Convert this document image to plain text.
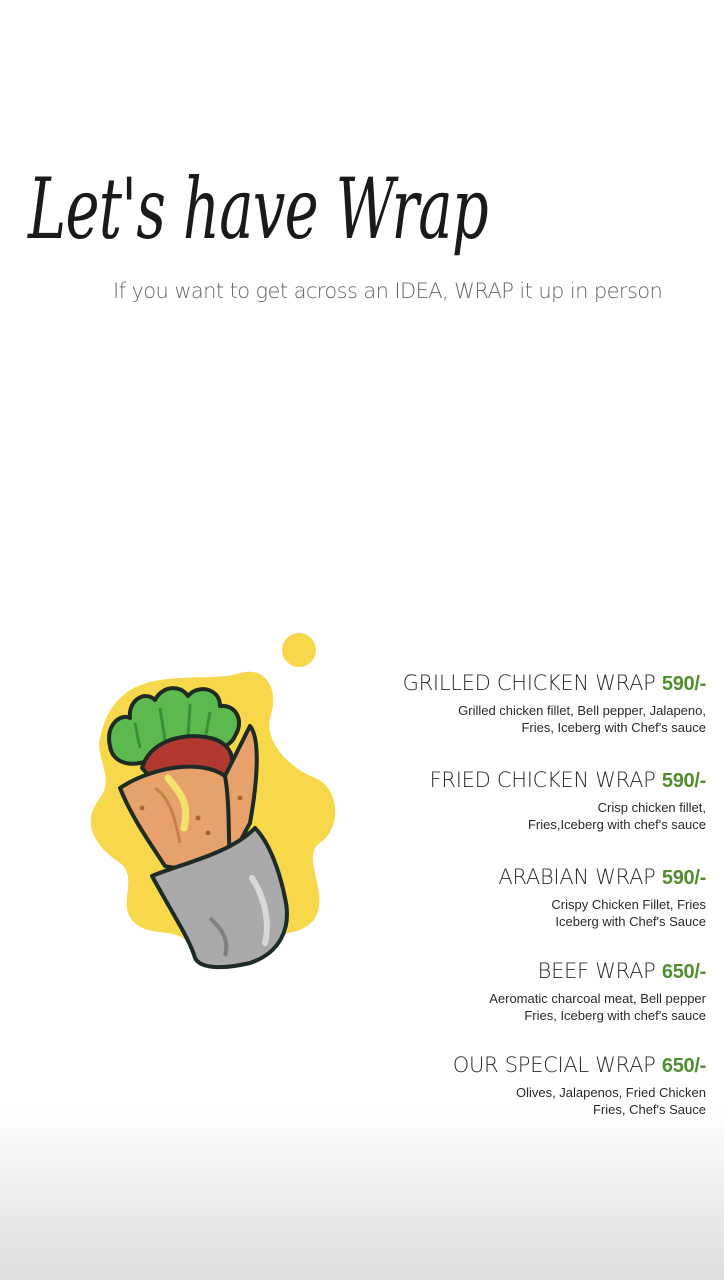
Let's have Wrap
If you want to get across an IDEA, WRAP it up in person
GRILLED CHICKEN WRAP 590/-
Grilled chicken fillet, Bell pepper, Jalapeno,
Fries, Iceberg with Chef's sauce
FRIED CHICKEN WRAP 590/-
Crisp chicken fillet,
Fries,Iceberg with chef's sauce
ARABIAN WRAP 590/-
Crispy Chicken Fillet, Fries
Iceberg with Chef's Sauce
BEEF WRAP 650/-
Aeromatic charcoal meat, Bell pepper
Fries, Iceberg with chef's sauce
OUR SPECIAL WRAP 650/-
Olives, Jalapenos, Fried Chicken
Fries, Chef's Sauce
